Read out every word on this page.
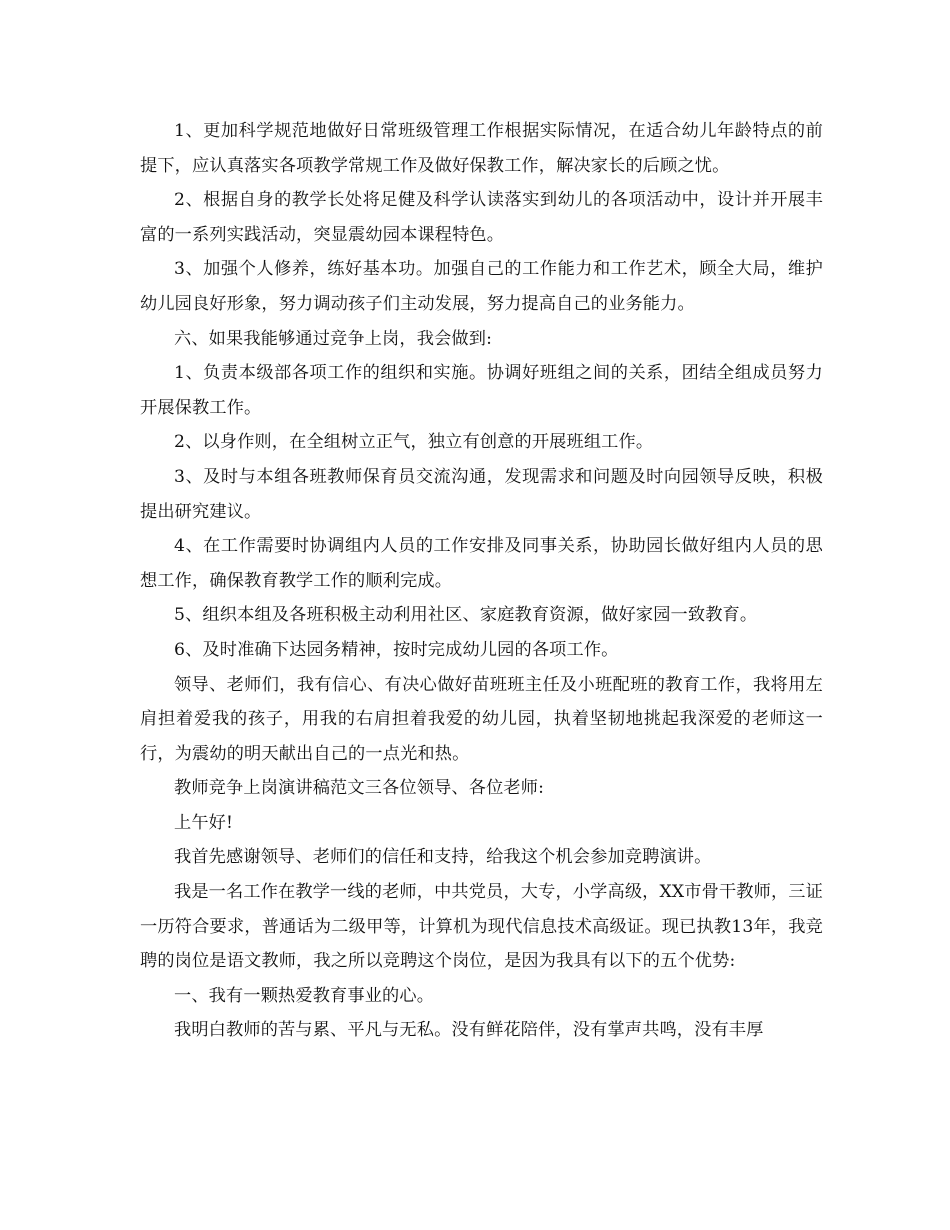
1、更加科学规范地做好日常班级管理工作根据实际情况，在适合幼儿年龄特点的前提下，应认真落实各项教学常规工作及做好保教工作，解决家长的后顾之忧。

2、根据自身的教学长处将足健及科学认读落实到幼儿的各项活动中，设计并开展丰富的一系列实践活动，突显震幼园本课程特色。

3、加强个人修养，练好基本功。加强自己的工作能力和工作艺术，顾全大局，维护幼儿园良好形象，努力调动孩子们主动发展，努力提高自己的业务能力。

六、如果我能够通过竞争上岗，我会做到:

1、负责本级部各项工作的组织和实施。协调好班组之间的关系，团结全组成员努力开展保教工作。

2、以身作则，在全组树立正气，独立有创意的开展班组工作。

3、及时与本组各班教师保育员交流沟通，发现需求和问题及时向园领导反映，积极提出研究建议。

4、在工作需要时协调组内人员的工作安排及同事关系，协助园长做好组内人员的思想工作，确保教育教学工作的顺利完成。

5、组织本组及各班积极主动利用社区、家庭教育资源，做好家园一致教育。

6、及时准确下达园务精神，按时完成幼儿园的各项工作。

领导、老师们，我有信心、有决心做好苗班班主任及小班配班的教育工作，我将用左肩担着爱我的孩子，用我的右肩担着我爱的幼儿园，执着坚韧地挑起我深爱的老师这一行，为震幼的明天献出自己的一点光和热。

教师竞争上岗演讲稿范文三各位领导、各位老师:

上午好!

我首先感谢领导、老师们的信任和支持，给我这个机会参加竞聘演讲。

我是一名工作在教学一线的老师，中共党员，大专，小学高级，XX市骨干教师，三证一历符合要求，普通话为二级甲等，计算机为现代信息技术高级证。现已执教13年，我竞聘的岗位是语文教师，我之所以竞聘这个岗位，是因为我具有以下的五个优势:

一、我有一颗热爱教育事业的心。

我明白教师的苦与累、平凡与无私。没有鲜花陪伴，没有掌声共鸣，没有丰厚
